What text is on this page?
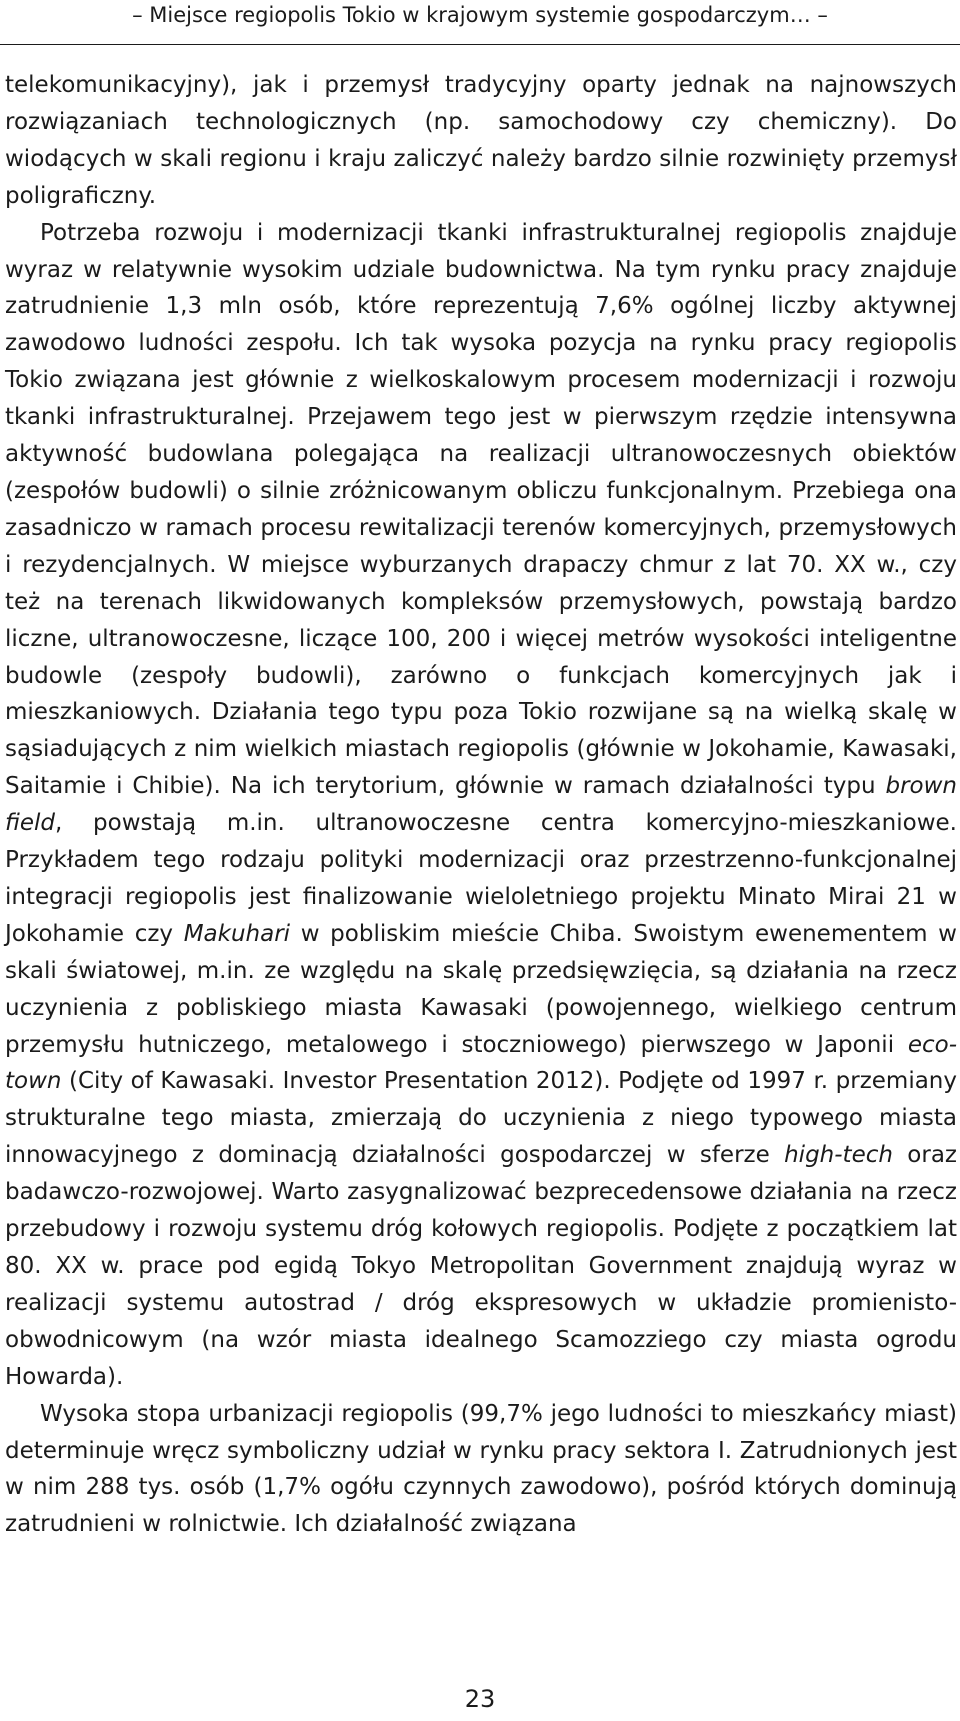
– Miejsce regiopolis Tokio w krajowym systemie gospodarczym… –

telekomunikacyjny), jak i przemysł tradycyjny oparty jednak na najnowszych rozwiązaniach technologicznych (np. samochodowy czy chemiczny). Do wiodących w skali regionu i kraju zaliczyć należy bardzo silnie rozwinięty przemysł poligraficzny.

Potrzeba rozwoju i modernizacji tkanki infrastrukturalnej regiopolis znajduje wyraz w relatywnie wysokim udziale budownictwa. Na tym rynku pracy znajduje zatrudnienie 1,3 mln osób, które reprezentują 7,6% ogólnej liczby aktywnej zawodowo ludności zespołu. Ich tak wysoka pozycja na rynku pracy regiopolis Tokio związana jest głównie z wielkoskalowym procesem modernizacji i rozwoju tkanki infrastrukturalnej. Przejawem tego jest w pierwszym rzędzie intensywna aktywność budowlana polegająca na realizacji ultranowoczesnych obiektów (zespołów budowli) o silnie zróżnicowanym obliczu funkcjonalnym. Przebiega ona zasadniczo w ramach procesu rewitalizacji terenów komercyjnych, przemysłowych i rezydencjalnych. W miejsce wyburzanych drapaczy chmur z lat 70. XX w., czy też na terenach likwidowanych kompleksów przemysłowych, powstają bardzo liczne, ultranowoczesne, liczące 100, 200 i więcej metrów wysokości inteligentne budowle (zespoły budowli), zarówno o funkcjach komercyjnych jak i mieszkaniowych. Działania tego typu poza Tokio rozwijane są na wielką skalę w sąsiadujących z nim wielkich miastach regiopolis (głównie w Jokohamie, Kawasaki, Saitamie i Chibie). Na ich terytorium, głównie w ramach działalności typu brown field, powstają m.in. ultranowoczesne centra komercyjno-mieszkaniowe. Przykładem tego rodzaju polityki modernizacji oraz przestrzenno-funkcjonalnej integracji regiopolis jest finalizowanie wieloletniego projektu Minato Mirai 21 w Jokohamie czy Makuhari w pobliskim mieście Chiba. Swoistym ewenementem w skali światowej, m.in. ze względu na skalę przedsięwzięcia, są działania na rzecz uczynienia z pobliskiego miasta Kawasaki (powojennego, wielkiego centrum przemysłu hutniczego, metalowego i stoczniowego) pierwszego w Japonii eco-town (City of Kawasaki. Investor Presentation 2012). Podjęte od 1997 r. przemiany strukturalne tego miasta, zmierzają do uczynienia z niego typowego miasta innowacyjnego z dominacją działalności gospodarczej w sferze high-tech oraz badawczo-rozwojowej. Warto zasygnalizować bezprecedensowe działania na rzecz przebudowy i rozwoju systemu dróg kołowych regiopolis. Podjęte z początkiem lat 80. XX w. prace pod egidą Tokyo Metropolitan Government znajdują wyraz w realizacji systemu autostrad / dróg ekspresowych w układzie promienisto-obwodnicowym (na wzór miasta idealnego Scamozziego czy miasta ogrodu Howarda).

Wysoka stopa urbanizacji regiopolis (99,7% jego ludności to mieszkańcy miast) determinuje wręcz symboliczny udział w rynku pracy sektora I. Zatrudnionych jest w nim 288 tys. osób (1,7% ogółu czynnych zawodowo), pośród których dominują zatrudnieni w rolnictwie. Ich działalność związana

23
